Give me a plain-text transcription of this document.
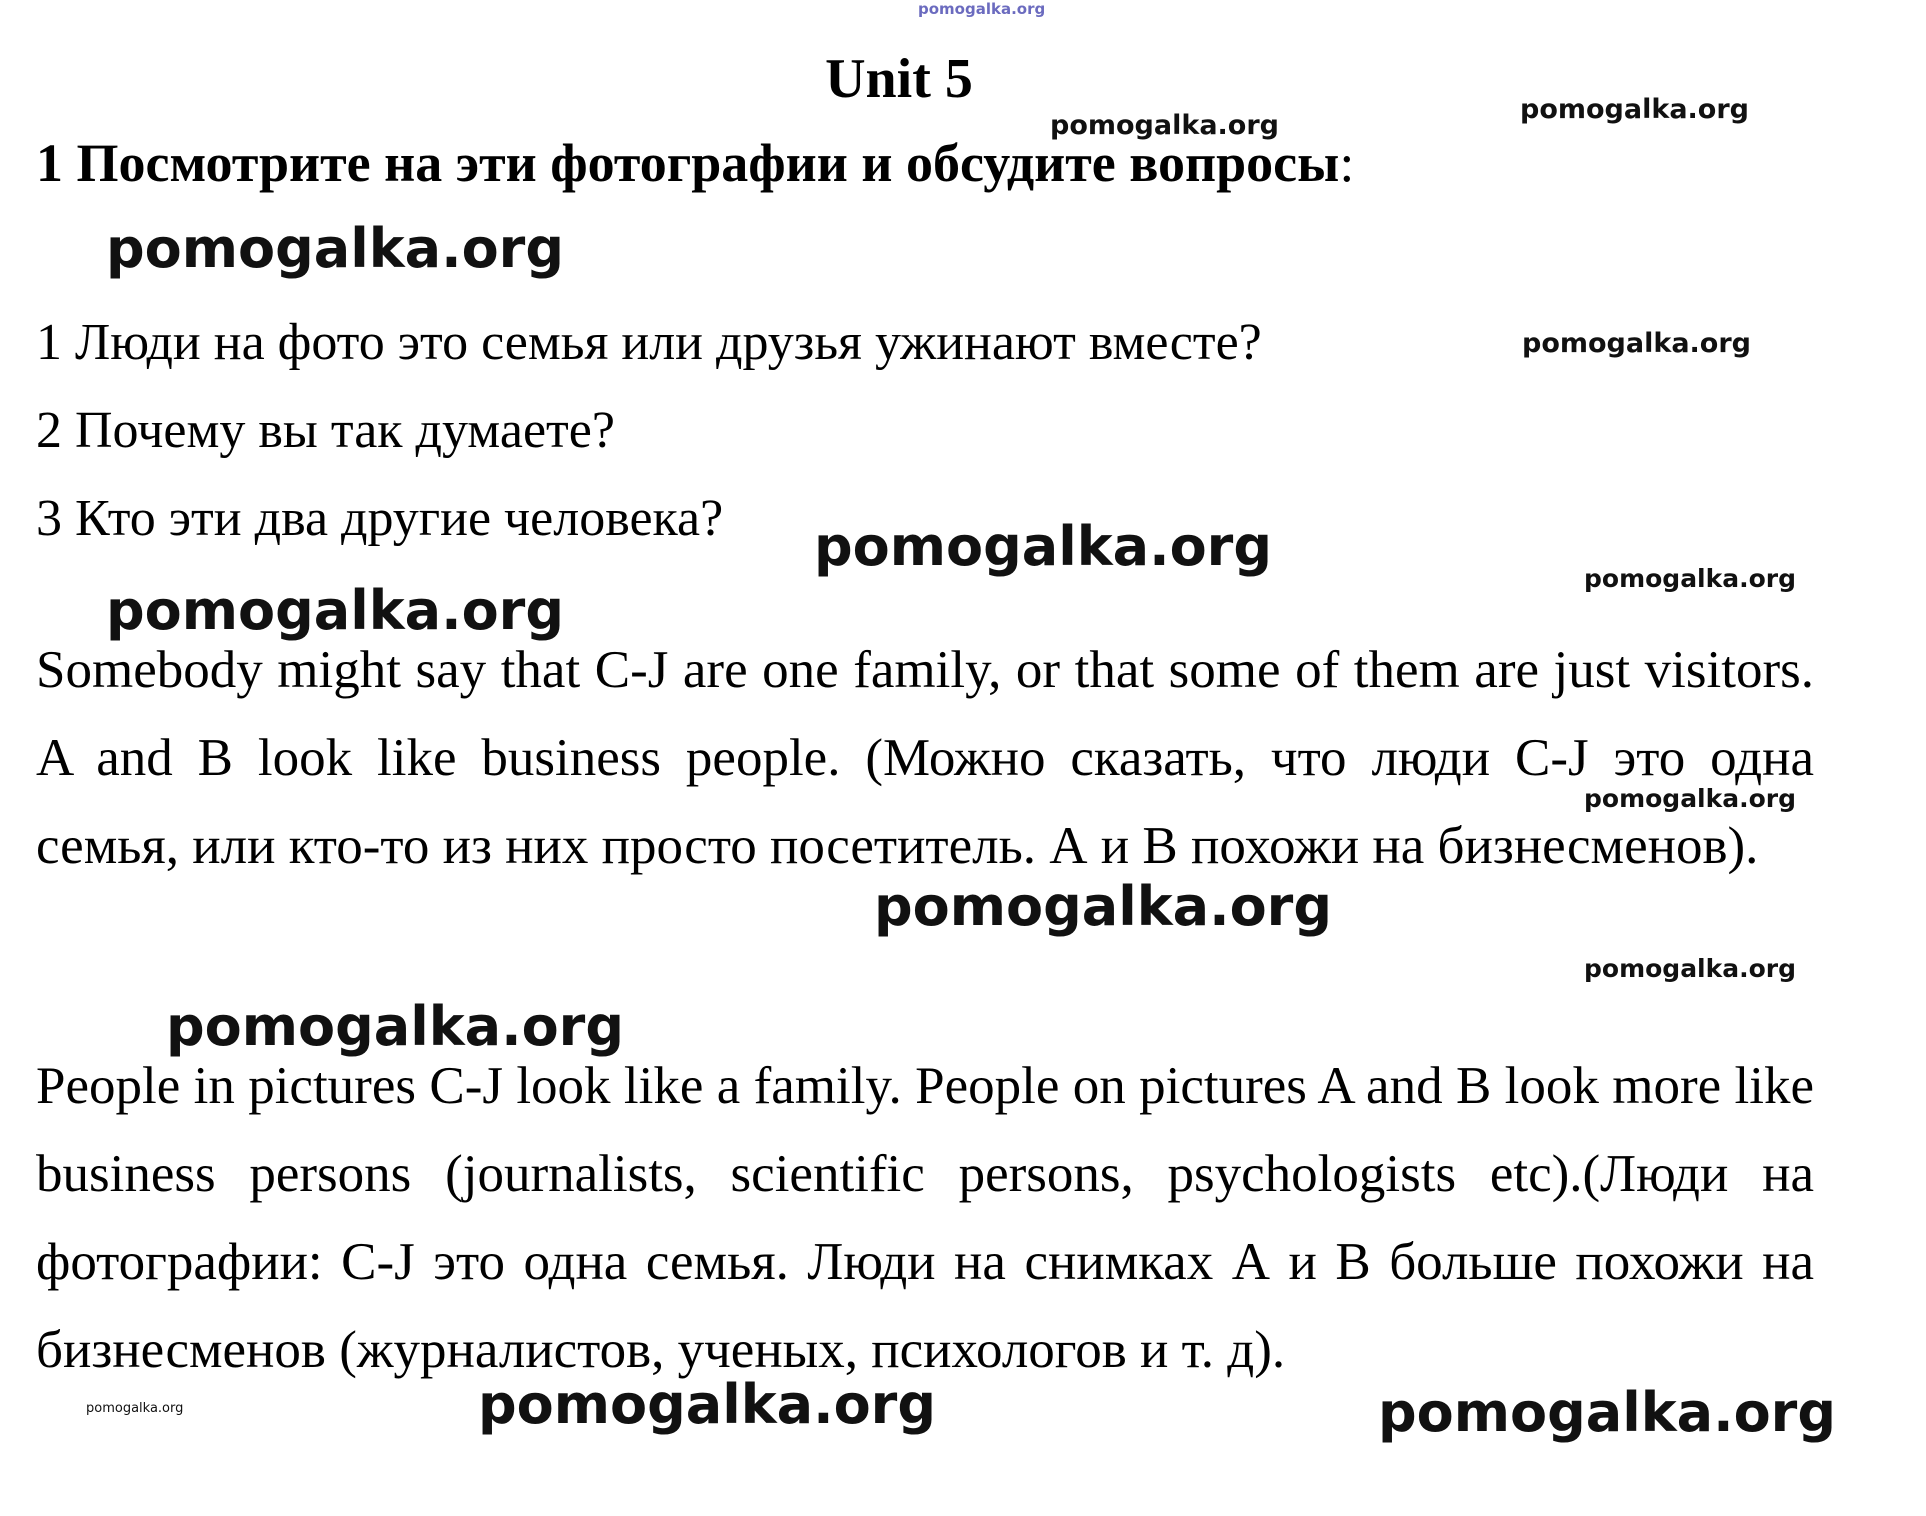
pomogalka.org
Unit 5
1 Посмотрите на эти фотографии и обсудите вопросы:
1 Люди на фото это семья или друзья ужинают вместе?
2 Почему вы так думаете?
3 Кто эти два другие человека?
Somebody might say that C-J are one family, or that some of them are just visitors. A and B look like business people. (Можно сказать, что люди C-J это одна семья, или кто-то из них просто посетитель. А и В похожи на бизнесменов).
People in pictures C-J look like a family. People on pictures A and B look more like business persons (journalists, scientific persons, psychologists etc).(Люди на фотографии: C-J это одна семья. Люди на снимках А и В больше похожи на бизнесменов (журналистов, ученых, психологов и т. д).
pomogalka.org
pomogalka.org
pomogalka.org
pomogalka.org
pomogalka.org
pomogalka.org
pomogalka.org
pomogalka.org
pomogalka.org
pomogalka.org
pomogalka.org
pomogalka.org	pomogalka.org	pomogalka.org
